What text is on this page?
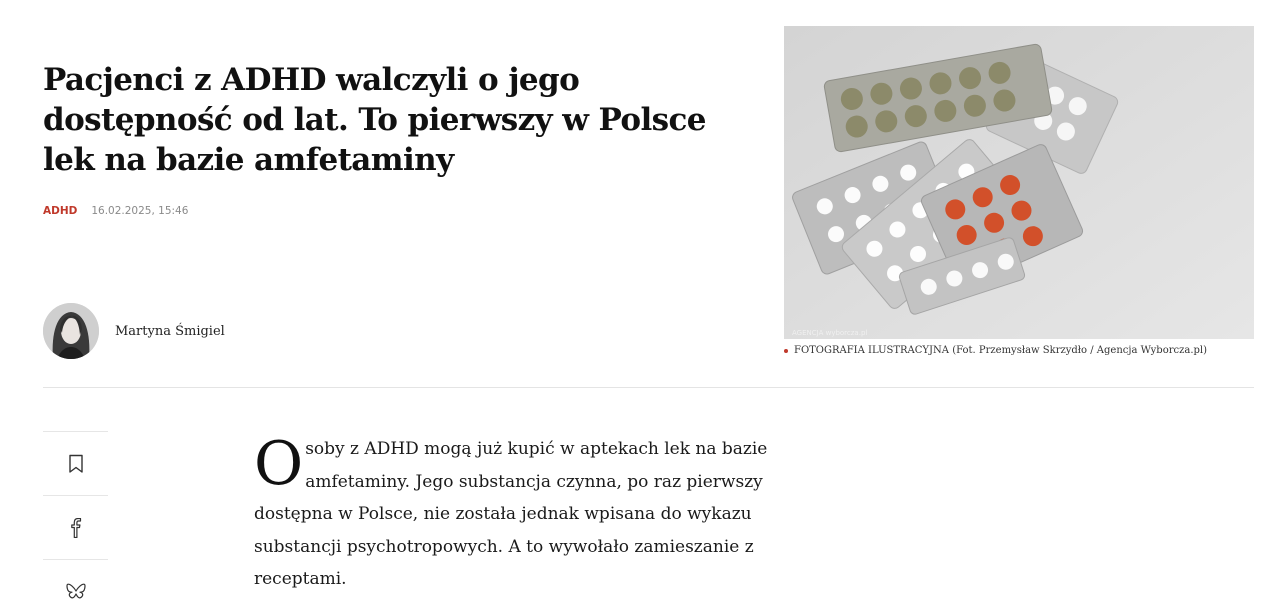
Pacjenci z ADHD walczyli o jego dostępność od lat. To pierwszy w Polsce lek na bazie amfetaminy
ADHD 16.02.2025, 15:46
Martyna Śmigiel	AGENCJA wyborcza.pl
FOTOGRAFIA ILUSTRACYJNA (Fot. Przemysław Skrzydło / Agencja Wyborcza.pl)

Osoby z ADHD mogą już kupić w aptekach lek na bazie amfetaminy. Jego substancja czynna, po raz pierwszy dostępna w Polsce, nie została jednak wpisana do wykazu substancji psychotropowych. A to wywołało zamieszanie z receptami.
